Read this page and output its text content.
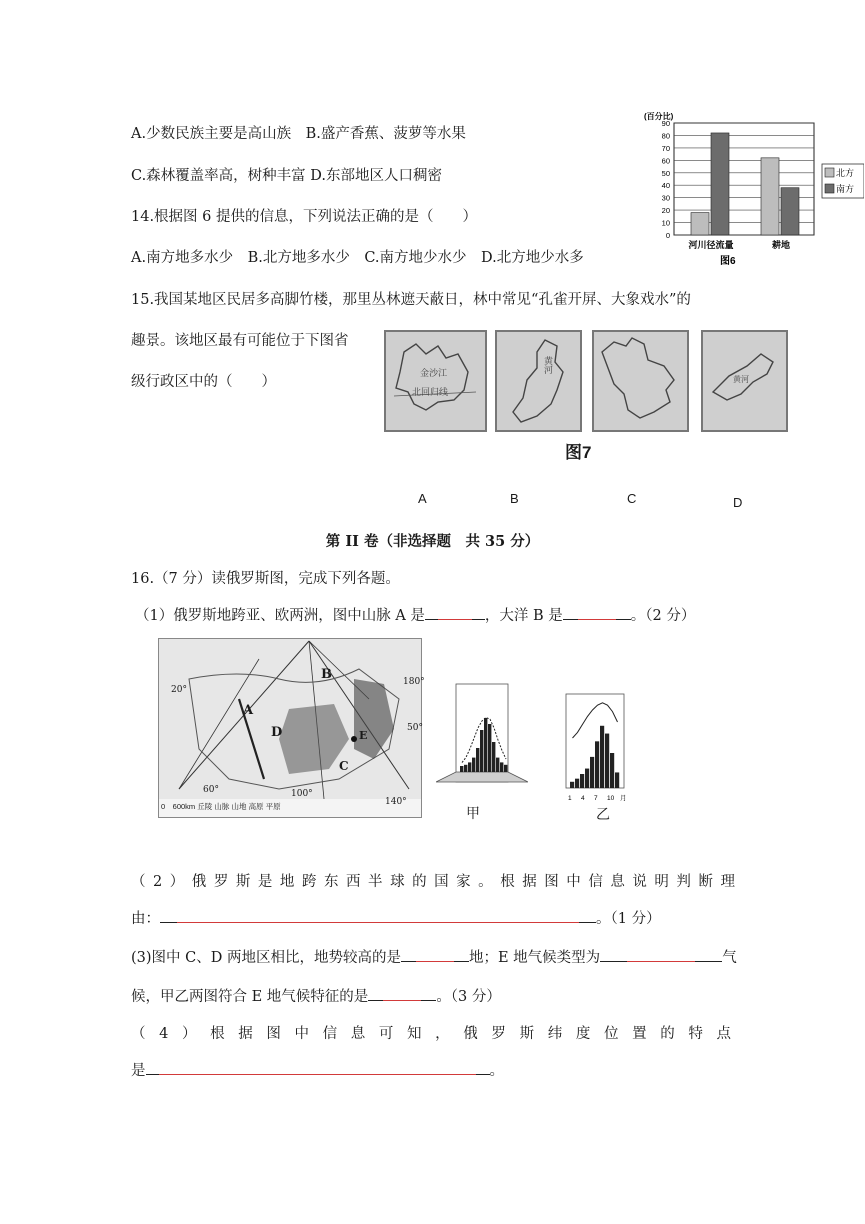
A.少数民族主要是高山族　 B.盛产香蕉、菠萝等水果
C.森林覆盖率高，树种丰富 D.东部地区人口稠密
14.根据图 6 提供的信息，下列说法正确的是（　　）
A.南方地多水少　 B.北方地多水少　 C.南方地少水少　 D.北方地少水多
(百分比)
90
80
70
60
50
40
30
20
10
0
河川径流量	耕地
图6
北方
南方
15.我国某地区民居多高脚竹楼，那里丛林遮天蔽日，林中常见“孔雀开屏、大象戏水”的
趣景。该地区最有可能位于下图省
级行政区中的（　　）	金沙江
北回归线
黄河
黄河
图7
A	B	C	D
第 II 卷（非选择题　共 35 分）
16.（7 分）读俄罗斯图，完成下列各题。
（1）俄罗斯地跨亚、欧两洲，图中山脉 A 是	，大洋 B 是	。（2 分）
A
B
C
D	E
20°
60°	100°
180°
140°
50°
0　600km 丘陵 山脉 山地 高原 平原	甲
1 4 7 10 月
乙
（2）俄罗斯是地跨东西半球的国家。根据图中信息说明判断理
由：	。（1 分）
(3)图中 C、D 两地区相比，地势较高的是	地；E 地气候类型为	气
候，甲乙两图符合 E 地气候特征的是	。（3 分）
（4）根据图中信息可知，俄罗斯纬度位置的特点
是	。
